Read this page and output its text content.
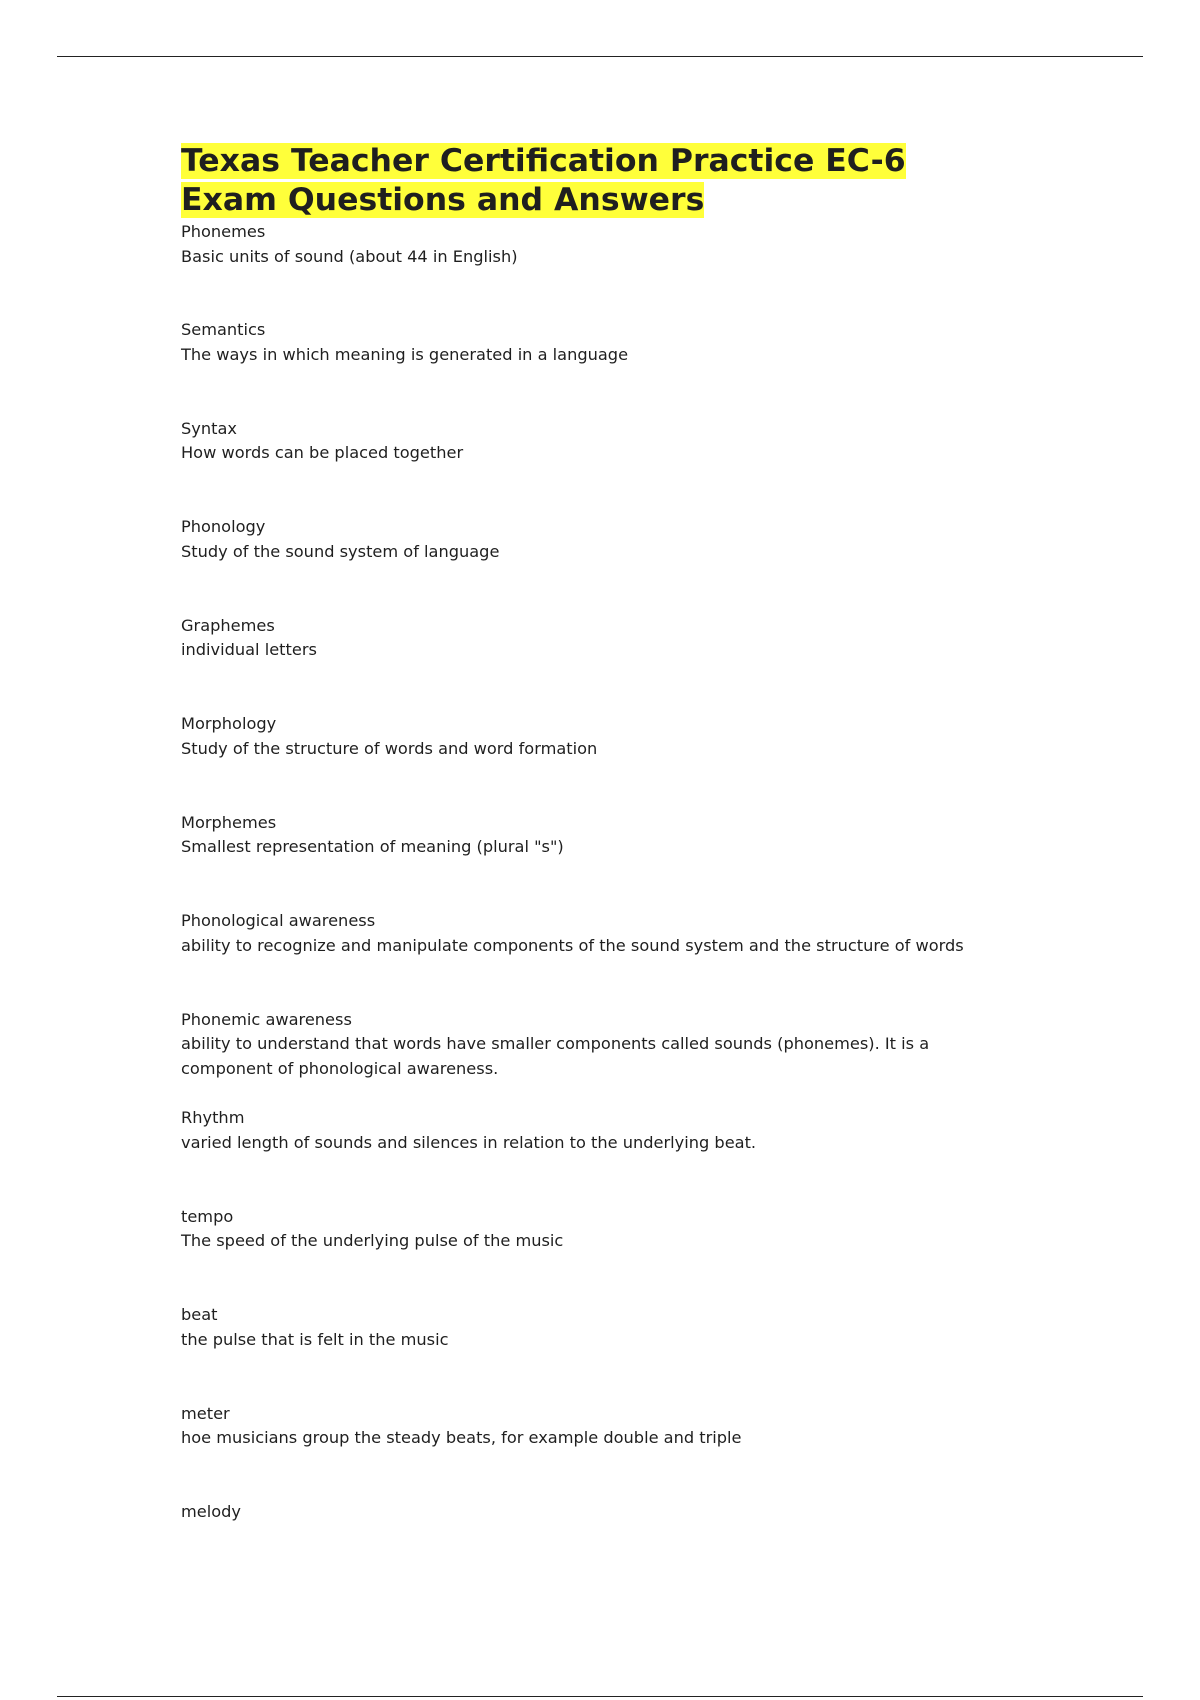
Texas Teacher Certification Practice EC-6 Exam Questions and Answers
Phonemes
Basic units of sound (about 44 in English)
Semantics
The ways in which meaning is generated in a language
Syntax
How words can be placed together
Phonology
Study of the sound system of language
Graphemes
individual letters
Morphology
Study of the structure of words and word formation
Morphemes
Smallest representation of meaning (plural "s")
Phonological awareness
ability to recognize and manipulate components of the sound system and the structure of words
Phonemic awareness
ability to understand that words have smaller components called sounds (phonemes). It is a component of phonological awareness.
Rhythm
varied length of sounds and silences in relation to the underlying beat.
tempo
The speed of the underlying pulse of the music
beat
the pulse that is felt in the music
meter
hoe musicians group the steady beats, for example double and triple
melody
